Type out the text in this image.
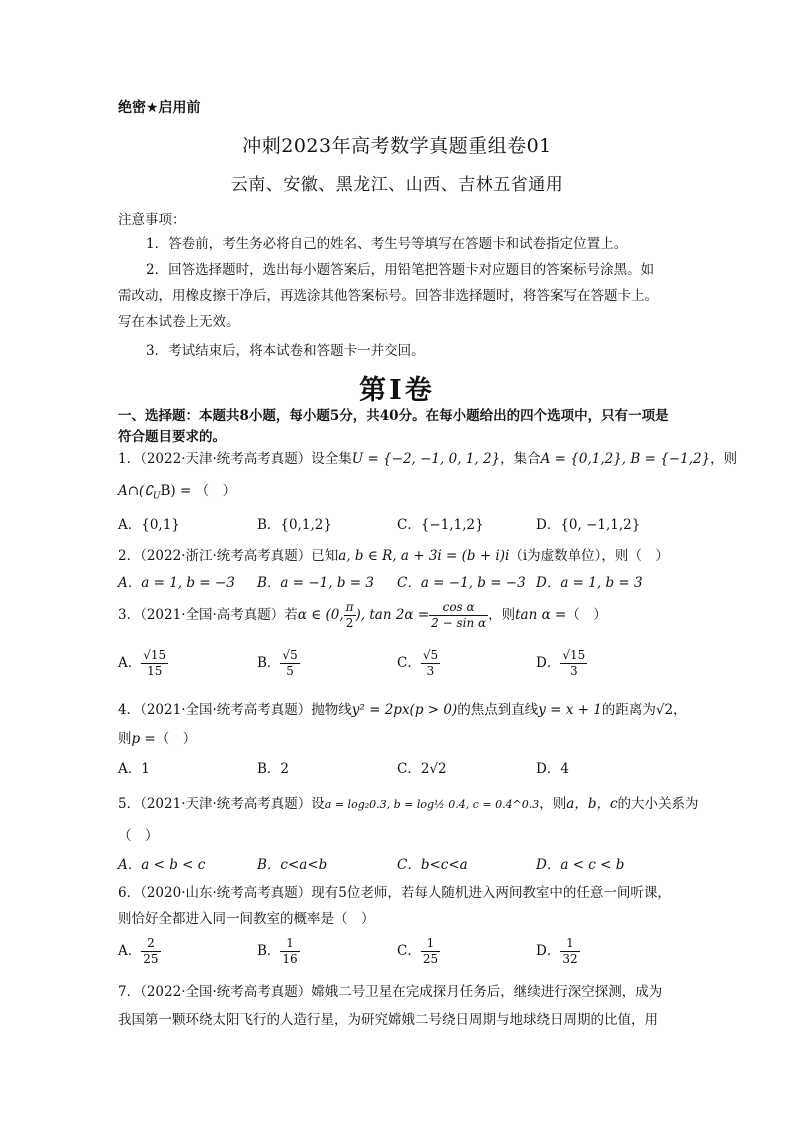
绝密★启用前
冲刺2023年高考数学真题重组卷01
云南、安徽、黑龙江、山西、吉林五省通用
注意事项：
1．答卷前，考生务必将自己的姓名、考生号等填写在答题卡和试卷指定位置上。
2．回答选择题时，选出每小题答案后，用铅笔把答题卡对应题目的答案标号涂黑。如
需改动，用橡皮擦干净后，再选涂其他答案标号。回答非选择题时，将答案写在答题卡上。
写在本试卷上无效。
3．考试结束后，将本试卷和答题卡一并交回。
第I卷
一、选择题：本题共8小题，每小题5分，共40分。在每小题给出的四个选项中，只有一项是符合题目要求的。
1．（2022·天津·统考高考真题）设全集U = {−2, −1, 0, 1, 2}，集合A = {0,1,2}, B = {−1,2}，则
$A\cap(∁_UB)$ = （　）
A．{0,1}	B．{0,1,2}	C．{−1,1,2}	D．{0, −1,1,2}
2．（2022·浙江·统考高考真题）已知a, b ∈ R, a + 3i = (b + i)i（i为虚数单位），则（　）
A．a = 1, b = −3 B．a = −1, b = 3 C．a = −1, b = −3 D．a = 1, b = 3
3．（2021·全国·高考真题）若α ∈ (0, $\frac{\pi}{2}$ ), $\tan 2\alpha = \frac{\text{cos α}}{\text{2 − sin α}}$ ，则tan α =（　）
A． $\frac{√15}{15}$	B． $\frac{√5}{5}$	C． $\frac{√5}{3}$	D． $\frac{√15}{3}$
4．（2021·全国·统考高考真题）抛物线y² = 2px(p > 0)的焦点到直线y = x + 1的距离为√2，
则p =（　）
A．1	B．2	C．2√2	D．4
5．（2021·天津·统考高考真题）设a = log₂0.3, b = log½ 0.4, c = 0.4^0.3，则a，b，c的大小关系为
（　）
A．a < b < c	B．c<a<b	C．b<c<a	D．a < c < b
6．（2020·山东·统考高考真题）现有5位老师，若每人随机进入两间教室中的任意一间听课，
则恰好全都进入同一间教室的概率是（　）
A． $\frac{2}{25}$	B． $\frac{1}{16}$	C． $\frac{1}{25}$	D． $\frac{1}{32}$
7．（2022·全国·统考高考真题）嫦娥二号卫星在完成探月任务后，继续进行深空探测，成为
我国第一颗环绕太阳飞行的人造行星，为研究嫦娥二号绕日周期与地球绕日周期的比值，用
